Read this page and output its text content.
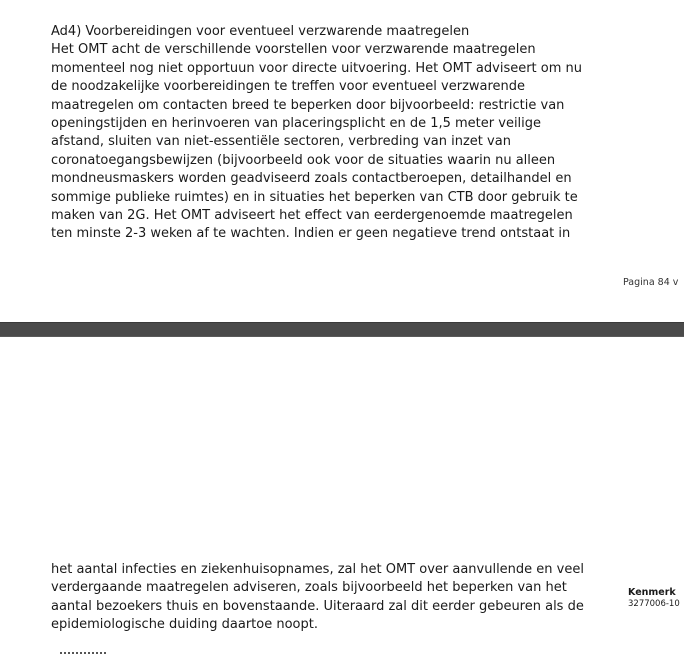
Ad4) Voorbereidingen voor eventueel verzwarende maatregelen
Het OMT acht de verschillende voorstellen voor verzwarende maatregelen
momenteel nog niet opportuun voor directe uitvoering. Het OMT adviseert om nu
de noodzakelijke voorbereidingen te treffen voor eventueel verzwarende
maatregelen om contacten breed te beperken door bijvoorbeeld: restrictie van
openingstijden en herinvoeren van placeringsplicht en de 1,5 meter veilige
afstand, sluiten van niet-essentiële sectoren, verbreding van inzet van
coronatoegangsbewijzen (bijvoorbeeld ook voor de situaties waarin nu alleen
mondneusmaskers worden geadviseerd zoals contactberoepen, detailhandel en
sommige publieke ruimtes) en in situaties het beperken van CTB door gebruik te
maken van 2G. Het OMT adviseert het effect van eerdergenoemde maatregelen
ten minste 2-3 weken af te wachten. Indien er geen negatieve trend ontstaat in
Pagina 84 v
het aantal infecties en ziekenhuisopnames, zal het OMT over aanvullende en veel
verdergaande maatregelen adviseren, zoals bijvoorbeeld het beperken van het
aantal bezoekers thuis en bovenstaande. Uiteraard zal dit eerder gebeuren als de
epidemiologische duiding daartoe noopt.
Kenmerk
3277006-10
